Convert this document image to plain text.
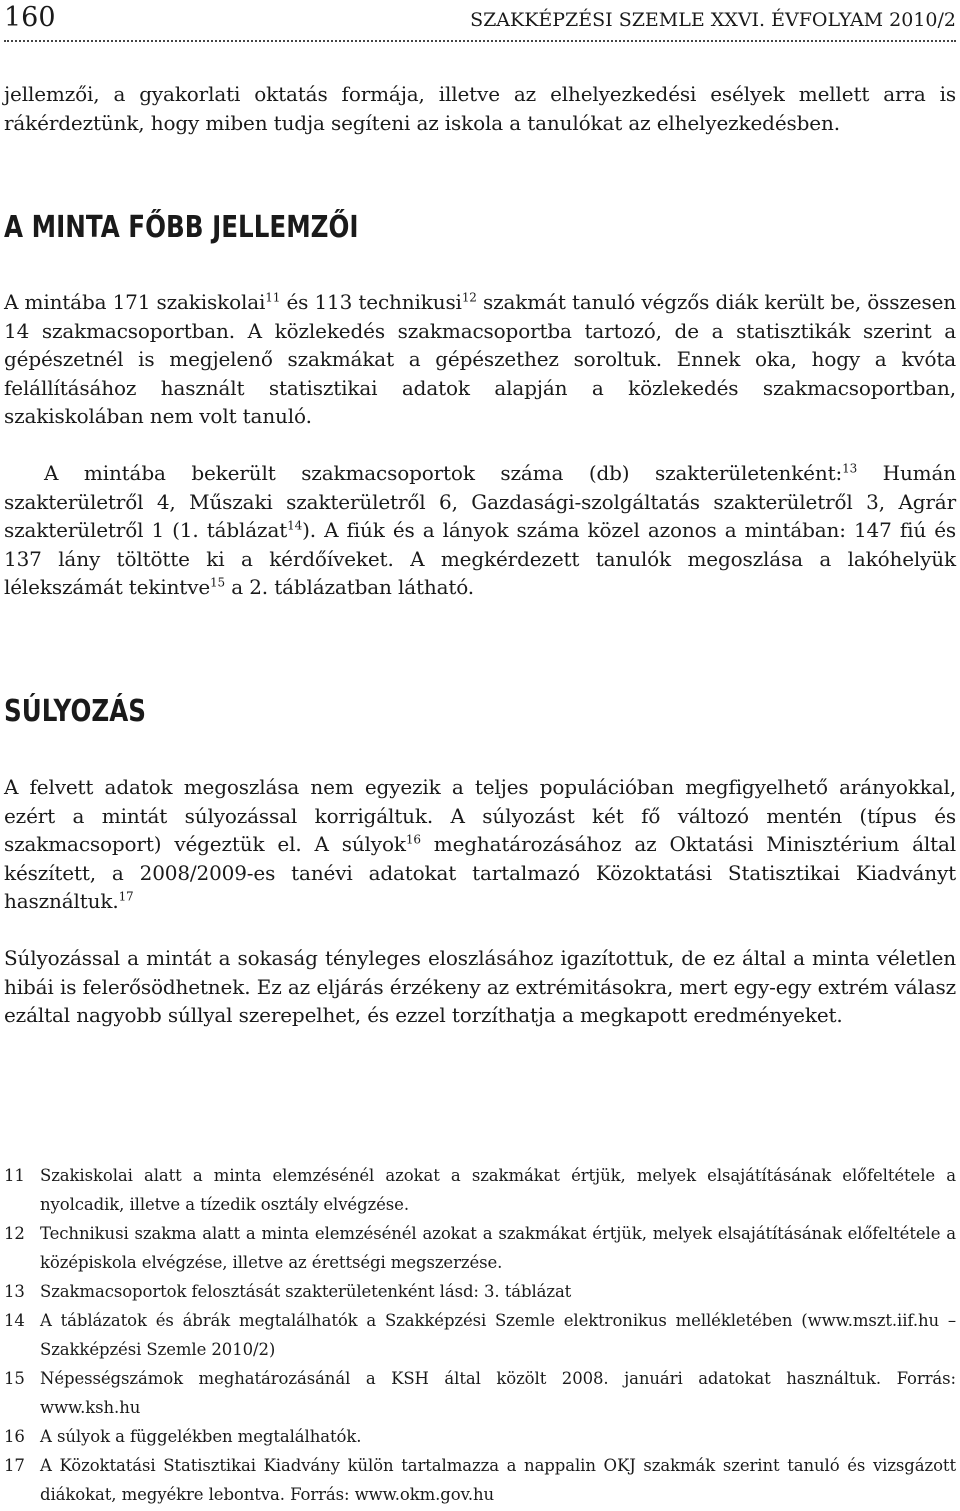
160	SZAKKÉPZÉSI SZEMLE XXVI. ÉVFOLYAM 2010/2

jellemzői, a gyakorlati oktatás formája, illetve az elhelyezkedési esélyek mellett arra is rákérdeztünk, hogy miben tudja segíteni az iskola a tanulókat az elhelyezkedésben.

A MINTA FŐBB JELLEMZŐI

A mintába 171 szakiskolai$^{11}$ és 113 technikusi$^{12}$ szakmát tanuló végzős diák került be, összesen 14 szakmacsoportban. A közlekedés szakmacsoportba tartozó, de a statisztikák szerint a gépészetnél is megjelenő szakmákat a gépészethez soroltuk. Ennek oka, hogy a kvóta felállításához használt statisztikai adatok alapján a közlekedés szakmacsoportban, szakiskolában nem volt tanuló.

A mintába bekerült szakmacsoportok száma (db) szakterületenként:$^{13}$ Humán szakterületről 4, Műszaki szakterületről 6, Gazdasági-szolgáltatás szakterületről 3, Agrár szakterületről 1 (1. táblázat$^{14}$). A fiúk és a lányok száma közel azonos a mintában: 147 fiú és 137 lány töltötte ki a kérdőíveket. A megkérdezett tanulók megoszlása a lakóhelyük lélekszámát tekintve$^{15}$ a 2. táblázatban látható.

SÚLYOZÁS

A felvett adatok megoszlása nem egyezik a teljes populációban megfigyelhető arányokkal, ezért a mintát súlyozással korrigáltuk. A súlyozást két fő változó mentén (típus és szakmacsoport) végeztük el. A súlyok$^{16}$ meghatározásához az Oktatási Minisztérium által készített, a 2008/2009-es tanévi adatokat tartalmazó Közoktatási Statisztikai Kiadványt használtuk.$^{17}$

Súlyozással a mintát a sokaság tényleges eloszlásához igazítottuk, de ez által a minta véletlen hibái is felerősödhetnek. Ez az eljárás érzékeny az extrémitásokra, mert egy-egy extrém válasz ezáltal nagyobb súllyal szerepelhet, és ezzel torzíthatja a megkapott eredményeket.

11 Szakiskolai alatt a minta elemzésénél azokat a szakmákat értjük, melyek elsajátításának előfeltétele a nyolcadik, illetve a tízedik osztály elvégzése.
12 Technikusi szakma alatt a minta elemzésénél azokat a szakmákat értjük, melyek elsajátításának előfeltétele a középiskola elvégzése, illetve az érettségi megszerzése.
13 Szakmacsoportok felosztását szakterületenként lásd: 3. táblázat
14 A táblázatok és ábrák megtalálhatók a Szakképzési Szemle elektronikus mellékletében (www.mszt.iif.hu – Szakképzési Szemle 2010/2)
15 Népességszámok meghatározásánál a KSH által közölt 2008. januári adatokat használtuk. Forrás: www.ksh.hu
16 A súlyok a függelékben megtalálhatók.
17 A Közoktatási Statisztikai Kiadvány külön tartalmazza a nappalin OKJ szakmák szerint tanuló és vizsgázott diákokat, megyékre lebontva. Forrás: www.okm.gov.hu
